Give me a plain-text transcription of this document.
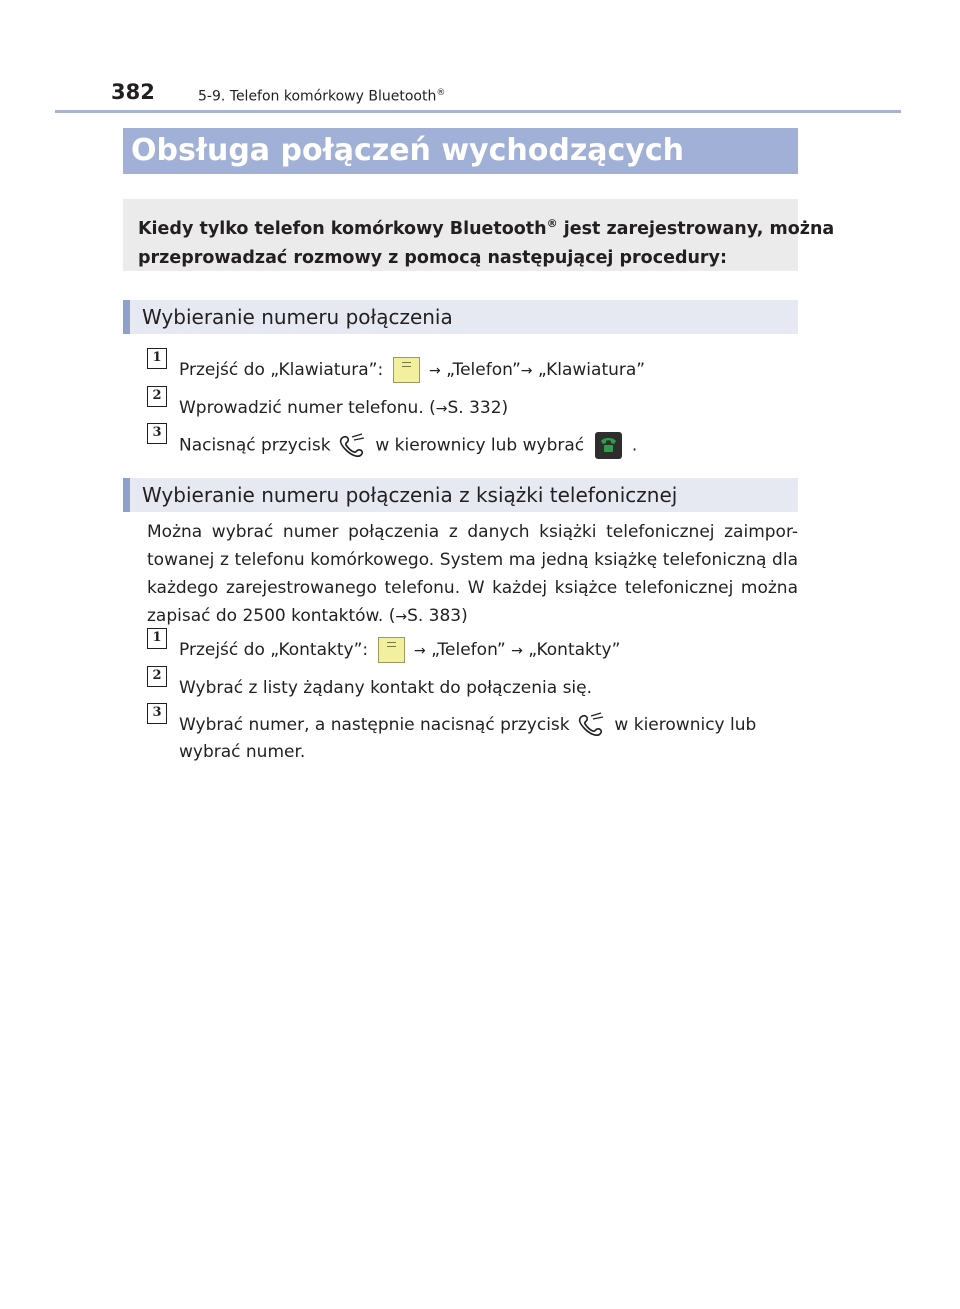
382	5-9. Telefon komórkowy Bluetooth®
Obsługa połączeń wychodzących
Kiedy tylko telefon komórkowy Bluetooth® jest zarejestrowany, można
przeprowadzać rozmowy z pomocą następującej procedury:
Wybieranie numeru połączenia
1
Przejść do „Klawiatura”:	→ „Telefon”→ „Klawiatura”
2
Wprowadzić numer telefonu. (→S. 332)
3
Nacisnąć przycisk  w kierownicy lub wybrać  .
Wybieranie numeru połączenia z książki telefonicznej
Można wybrać numer połączenia z danych książki telefonicznej zaimpor-towanej z telefonu komórkowego. System ma jedną książkę telefoniczną dla każdego zarejestrowanego telefonu. W każdej książce telefonicznej można zapisać do 2500 kontaktów. (→S. 383)
1
Przejść do „Kontakty”:	→ „Telefon” → „Kontakty”
2
Wybrać z listy żądany kontakt do połączenia się.
3
Wybrać numer, a następnie nacisnąć przycisk  w kierownicy lub
wybrać numer.
